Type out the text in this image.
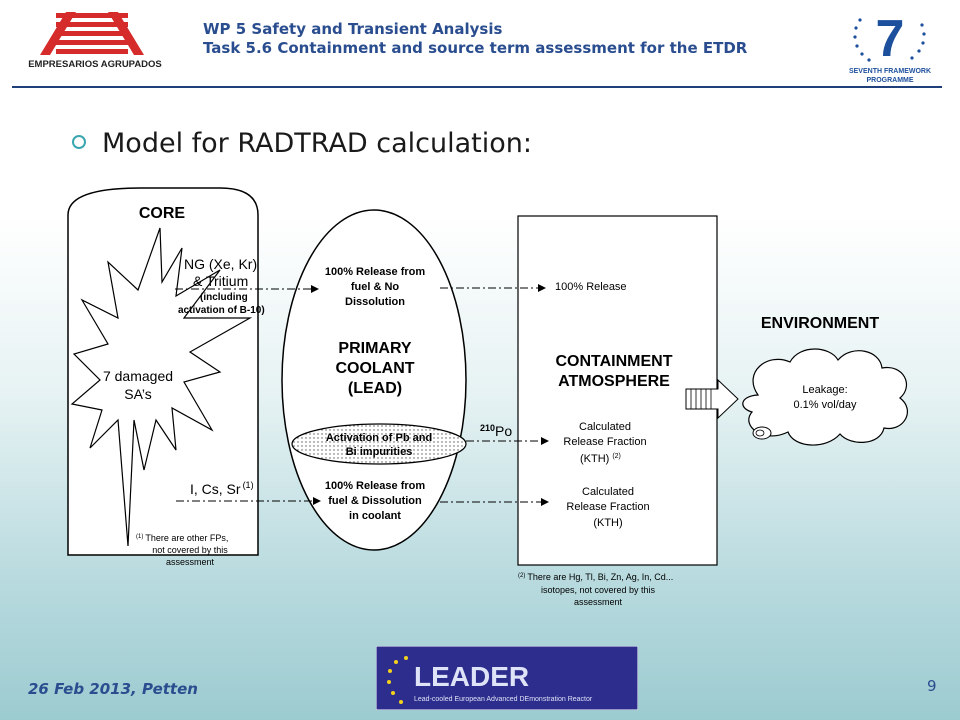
EMPRESARIOS AGRUPADOS
WP 5 Safety and Transient Analysis
Task 5.6 Containment and source term assessment for the ETDR 7
SEVENTH FRAMEWORK
PROGRAMME
Model for RADTRAD calculation:
CORE
7 damaged
SA’s
NG (Xe, Kr)
& Tritium
(including
activation of B-10)
I, Cs, Sr $^{(1)}$
$^{(1)}$ There are other FPs,
not covered by this
assessment
100% Release from
fuel & No
Dissolution
PRIMARY
COOLANT
(LEAD)
Activation of Pb and
Bi impurities
100% Release from
fuel & Dissolution
in coolant
$^{210}$Po
100% Release
CONTAINMENT
ATMOSPHERE
Calculated
Release Fraction
(KTH) $^{(2)}$
Calculated
Release Fraction
(KTH)
$^{(2)}$ There are Hg, Tl, Bi, Zn, Ag, In, Cd...
isotopes, not covered by this
assessment
ENVIRONMENT
Leakage:
0.1% vol/day
LEADER
Lead-cooled European Advanced DEmonstration Reactor
26 Feb 2013, Petten	9
